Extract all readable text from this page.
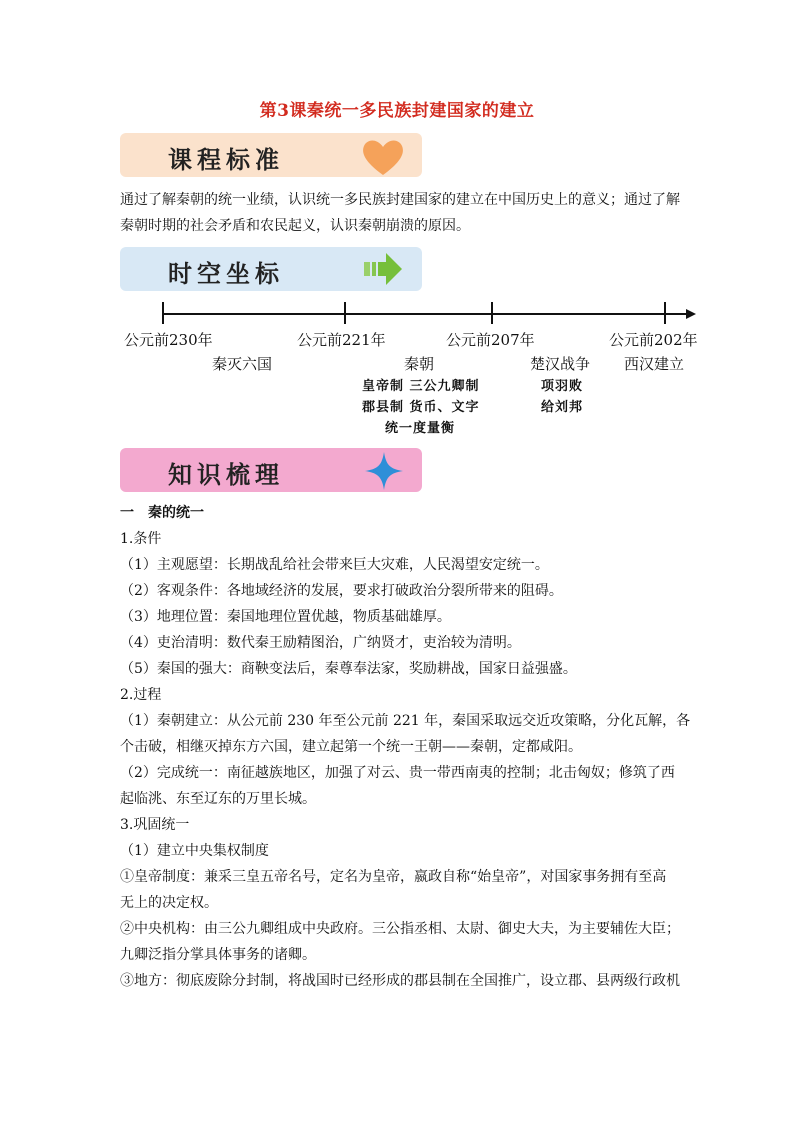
第3课秦统一多民族封建国家的建立
课程标准
通过了解秦朝的统一业绩，认识统一多民族封建国家的建立在中国历史上的意义；通过了解
秦朝时期的社会矛盾和农民起义，认识秦朝崩溃的原因。
时空坐标
公元前230年	公元前221年	公元前207年	公元前202年
秦灭六国	秦朝	楚汉战争 西汉建立
皇帝制 三公九卿制
郡县制 货币、文字
统一度量衡
项羽败
给刘邦
知识梳理
一　秦的统一
1.条件
（1）主观愿望：长期战乱给社会带来巨大灾难，人民渴望安定统一。
（2）客观条件：各地域经济的发展，要求打破政治分裂所带来的阻碍。
（3）地理位置：秦国地理位置优越，物质基础雄厚。
（4）吏治清明：数代秦王励精图治，广纳贤才，吏治较为清明。
（5）秦国的强大：商鞅变法后，秦尊奉法家，奖励耕战，国家日益强盛。
2.过程
（1）秦朝建立：从公元前 230 年至公元前 221 年，秦国采取远交近攻策略，分化瓦解，各
个击破，相继灭掉东方六国，建立起第一个统一王朝——秦朝，定都咸阳。
（2）完成统一：南征越族地区，加强了对云、贵一带西南夷的控制；北击匈奴；修筑了西
起临洮、东至辽东的万里长城。
3.巩固统一
（1）建立中央集权制度
①皇帝制度：兼采三皇五帝名号，定名为皇帝，嬴政自称“始皇帝”，对国家事务拥有至高
无上的决定权。
②中央机构：由三公九卿组成中央政府。三公指丞相、太尉、御史大夫，为主要辅佐大臣；
九卿泛指分掌具体事务的诸卿。
③地方：彻底废除分封制，将战国时已经形成的郡县制在全国推广，设立郡、县两级行政机
